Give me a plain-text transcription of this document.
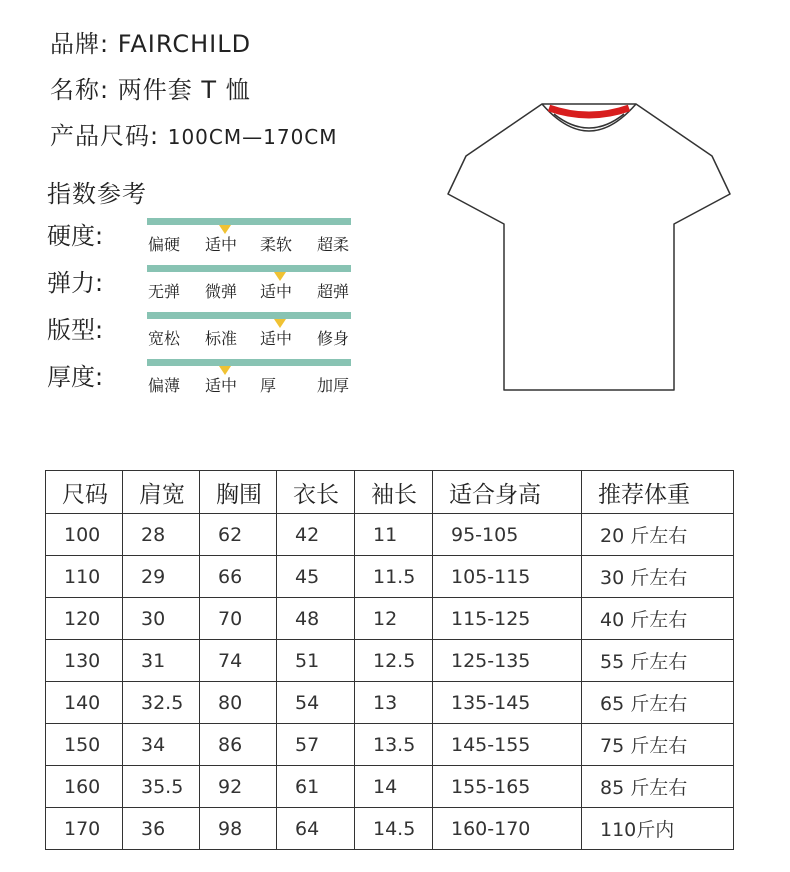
品牌: FAIRCHILD
名称: 两件套 T 恤
产品尺码: 100CM—170CM
指数参考
硬度:	偏硬 适中 柔软 超柔
弹力:	无弹 微弹 适中 超弹
版型:	宽松 标准 适中 修身
厚度:	偏薄 适中 厚	加厚
尺码	肩宽	胸围	衣长	袖长	适合身高	推荐体重
100	28	62	42	11	95-105	20 斤左右
110	29	66	45	11.5	105-115	30 斤左右
120	30	70	48	12	115-125	40 斤左右
130	31	74	51	12.5	125-135	55 斤左右
140	32.5	80	54	13	135-145	65 斤左右
150	34	86	57	13.5	145-155	75 斤左右
160	35.5	92	61	14	155-165	85 斤左右
170	36	98	64	14.5	160-170	110斤内
